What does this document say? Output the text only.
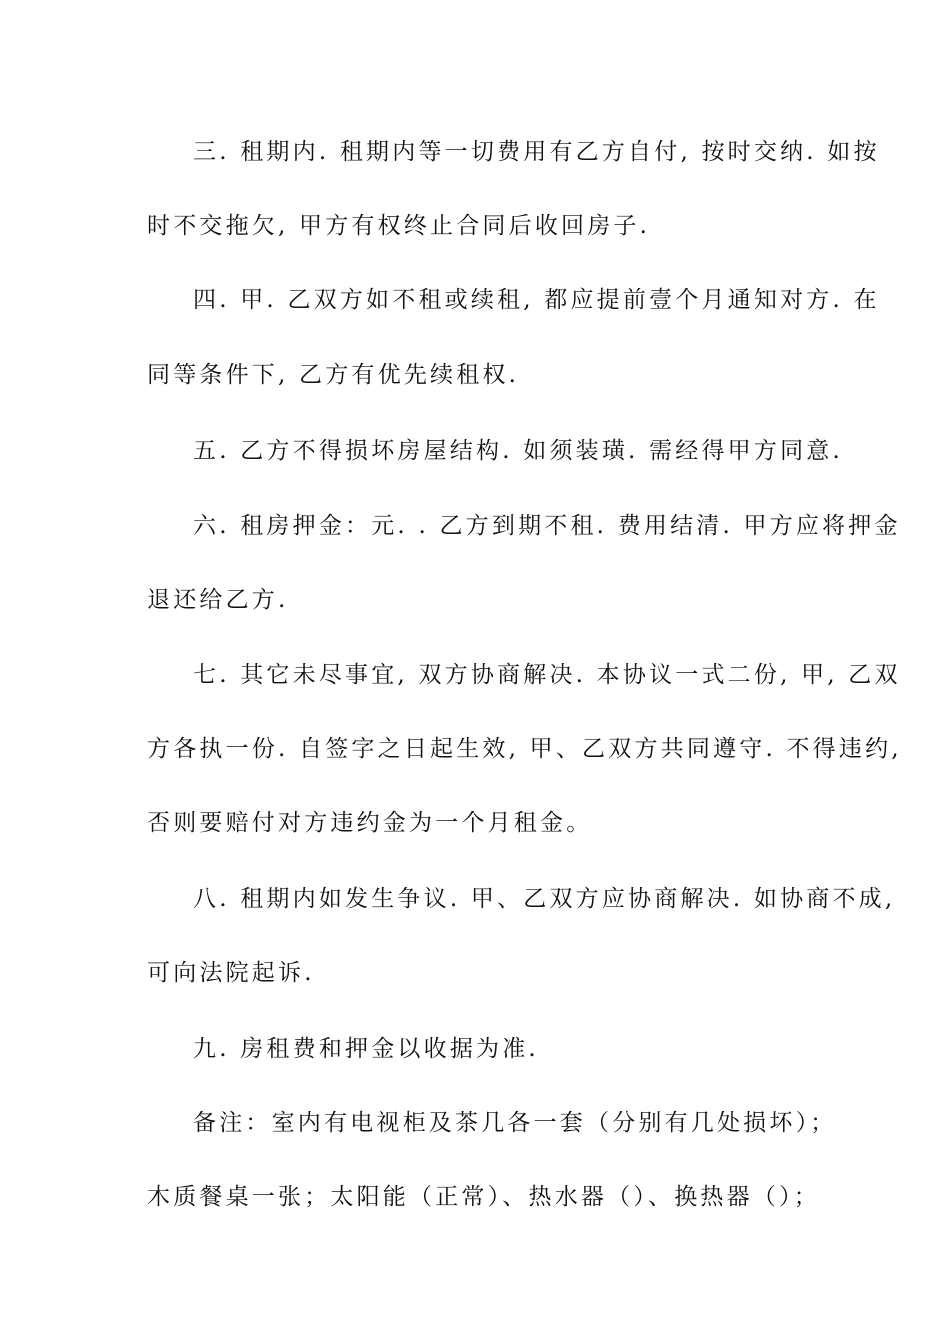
三. 租期内. 租期内等一切费用有乙方自付, 按时交纳. 如按
时不交拖欠, 甲方有权终止合同后收回房子.
四. 甲. 乙双方如不租或续租, 都应提前壹个月通知对方. 在
同等条件下, 乙方有优先续租权.
五. 乙方不得损坏房屋结构. 如须装璜. 需经得甲方同意.
六. 租房押金：元. . 乙方到期不租. 费用结清. 甲方应将押金
退还给乙方.
七. 其它未尽事宜, 双方协商解决. 本协议一式二份, 甲, 乙双
方各执一份. 自签字之日起生效, 甲、乙双方共同遵守. 不得违约,
否则要赔付对方违约金为一个月租金。
八. 租期内如发生争议. 甲、乙双方应协商解决. 如协商不成,
可向法院起诉.
九. 房租费和押金以收据为准.
备注：室内有电视柜及茶几各一套（分别有几处损坏）；
木质餐桌一张；太阳能（正常）、热水器（）、换热器（）；
